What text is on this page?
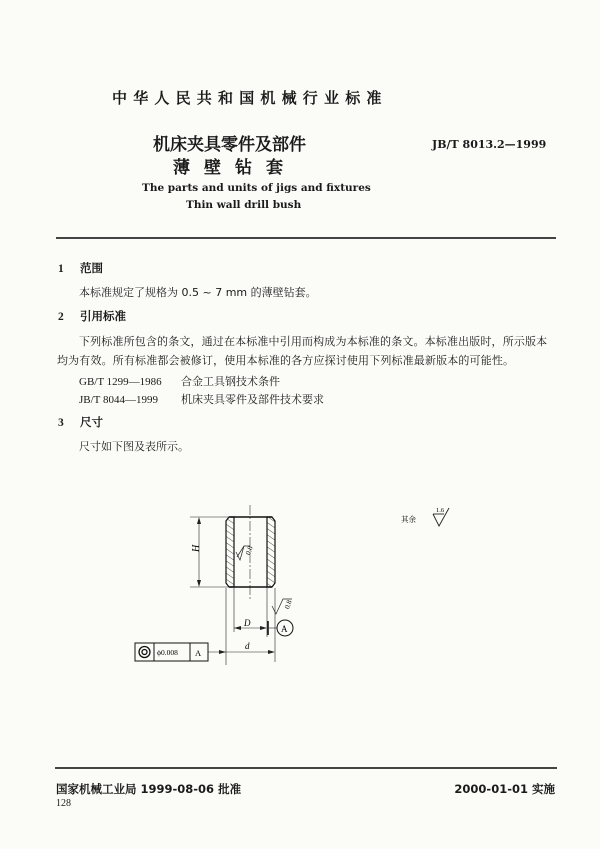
中华人民共和国机械行业标准
机床夹具零件及部件
薄壁钻套
JB/T 8013.2—1999
The parts and units of jigs and fixtures
Thin wall drill bush
1 范围
本标准规定了规格为 0.5 ~ 7 mm 的薄壁钻套。
2 引用标准
下列标准所包含的条文，通过在本标准中引用而构成为本标准的条文。本标准出版时，所示版本
均为有效。所有标准都会被修订，使用本标准的各方应探讨使用下列标准最新版本的可能性。
GB/T 1299—1986 合金工具钢技术条件
JB/T 8044—1999 机床夹具零件及部件技术要求
3 尺寸
尺寸如下图及表所示。
H	0.8
D
A
0.8
d
ϕ0.008 A
其余
1.6
国家机械工业局 1999-08-06 批准	2000-01-01 实施
128
